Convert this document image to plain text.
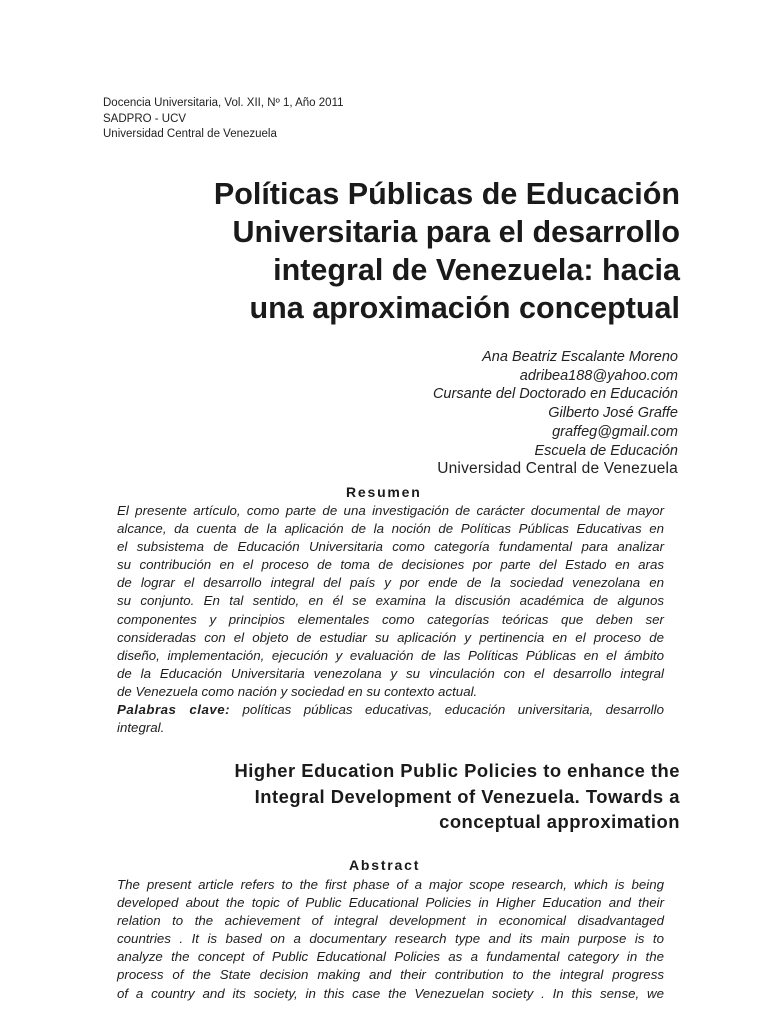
Docencia Universitaria, Vol. XII, Nº 1, Año 2011
SADPRO - UCV
Universidad Central de Venezuela
Políticas Públicas de Educación
Universitaria para el desarrollo
integral de Venezuela: hacia
una aproximación conceptual
Ana Beatriz Escalante Moreno
adribea188@yahoo.com
Cursante del Doctorado en Educación
Gilberto José Graffe
graffeg@gmail.com
Escuela de Educación
Universidad Central de Venezuela
Resumen

El presente artículo, como parte de una investigación de carácter documental de mayor
alcance, da cuenta de la aplicación de la noción de Políticas Públicas Educativas en
el subsistema de Educación Universitaria como categoría fundamental para analizar
su contribución en el proceso de toma de decisiones por parte del Estado en aras
de lograr el desarrollo integral del país y por ende de la sociedad venezolana en
su conjunto. En tal sentido, en él se examina la discusión académica de algunos
componentes y principios elementales como categorías teóricas que deben ser
consideradas con el objeto de estudiar su aplicación y pertinencia en el proceso de
diseño, implementación, ejecución y evaluación de las Políticas Públicas en el ámbito
de la Educación Universitaria venezolana y su vinculación con el desarrollo integral
de Venezuela como nación y sociedad en su contexto actual.
Palabras clave: políticas públicas educativas, educación universitaria, desarrollo
integral.

Higher Education Public Policies to enhance the
Integral Development of Venezuela. Towards a
conceptual approximation
Abstract

The present article refers to the first phase of a major scope research, which is being
developed about the topic of Public Educational Policies in Higher Education and their
relation to the achievement of integral development in economical disadvantaged
countries . It is based on a documentary research type and its main purpose is to
analyze the concept of Public Educational Policies as a fundamental category in the
process of the State decision making and their contribution to the integral progress
of a country and its society, in this case the Venezuelan society . In this sense, we
